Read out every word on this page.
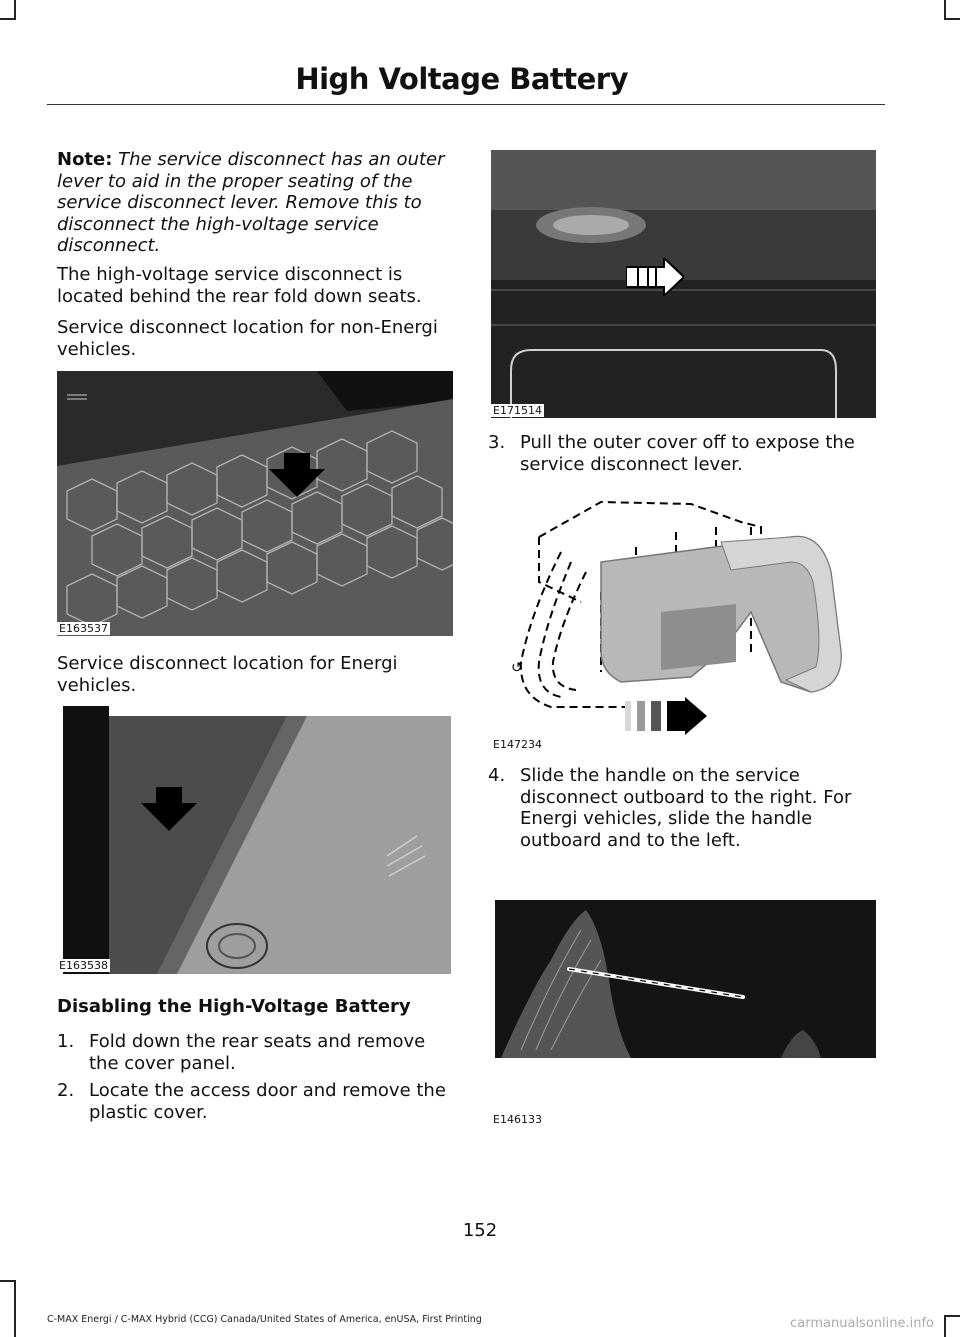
High Voltage Battery
Note: The service disconnect has an outer lever to aid in the proper seating of the service disconnect lever. Remove this to disconnect the high-voltage service disconnect.
The high-voltage service disconnect is located behind the rear fold down seats.
Service disconnect location for non-Energi vehicles.
E163537
Service disconnect location for Energi vehicles.
E163538
Disabling the High-Voltage Battery
1. Fold down the rear seats and remove the cover panel.
2. Locate the access door and remove the plastic cover.
E171514
3. Pull the outer cover off to expose the service disconnect lever.
↺
E147234
4. Slide the handle on the service disconnect outboard to the right. For Energi vehicles, slide the handle outboard and to the left.
E146133
152
C-MAX Energi / C-MAX Hybrid (CCG) Canada/United States of America, enUSA, First Printing	carmanualsonline.info
